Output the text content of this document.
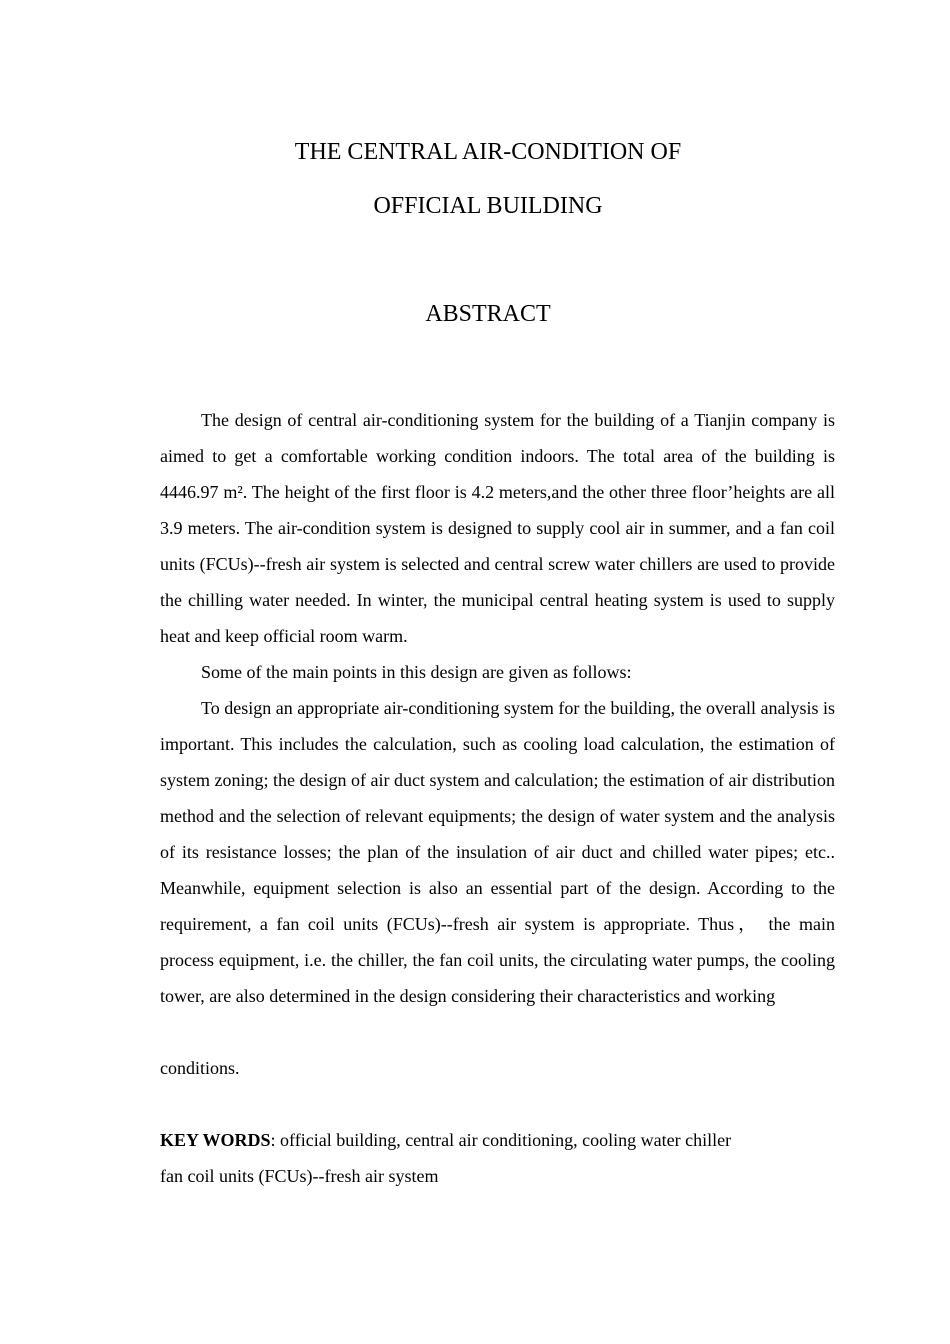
THE CENTRAL AIR-CONDITION OF
OFFICIAL BUILDING
ABSTRACT

The design of central air-conditioning system for the building of a Tianjin company is aimed to get a comfortable working condition indoors. The total area of the building is 4446.97 m². The height of the first floor is 4.2 meters,and the other three floor’heights are all 3.9 meters. The air-condition system is designed to supply cool air in summer, and a fan coil units (FCUs)--fresh air system is selected and central screw water chillers are used to provide the chilling water needed. In winter, the municipal central heating system is used to supply heat and keep official room warm.

Some of the main points in this design are given as follows:

To design an appropriate air-conditioning system for the building, the overall analysis is important. This includes the calculation, such as cooling load calculation, the estimation of system zoning; the design of air duct system and calculation; the estimation of air distribution method and the selection of relevant equipments; the design of water system and the analysis of its resistance losses; the plan of the insulation of air duct and chilled water pipes; etc.. Meanwhile, equipment selection is also an essential part of the design. According to the requirement, a fan coil units (FCUs)--fresh air system is appropriate. Thus， the main process equipment, i.e. the chiller, the fan coil units, the circulating water pumps, the cooling tower, are also determined in the design considering their characteristics and working

conditions.

KEY WORDS: official building, central air conditioning, cooling water chiller

fan coil units (FCUs)--fresh air system
